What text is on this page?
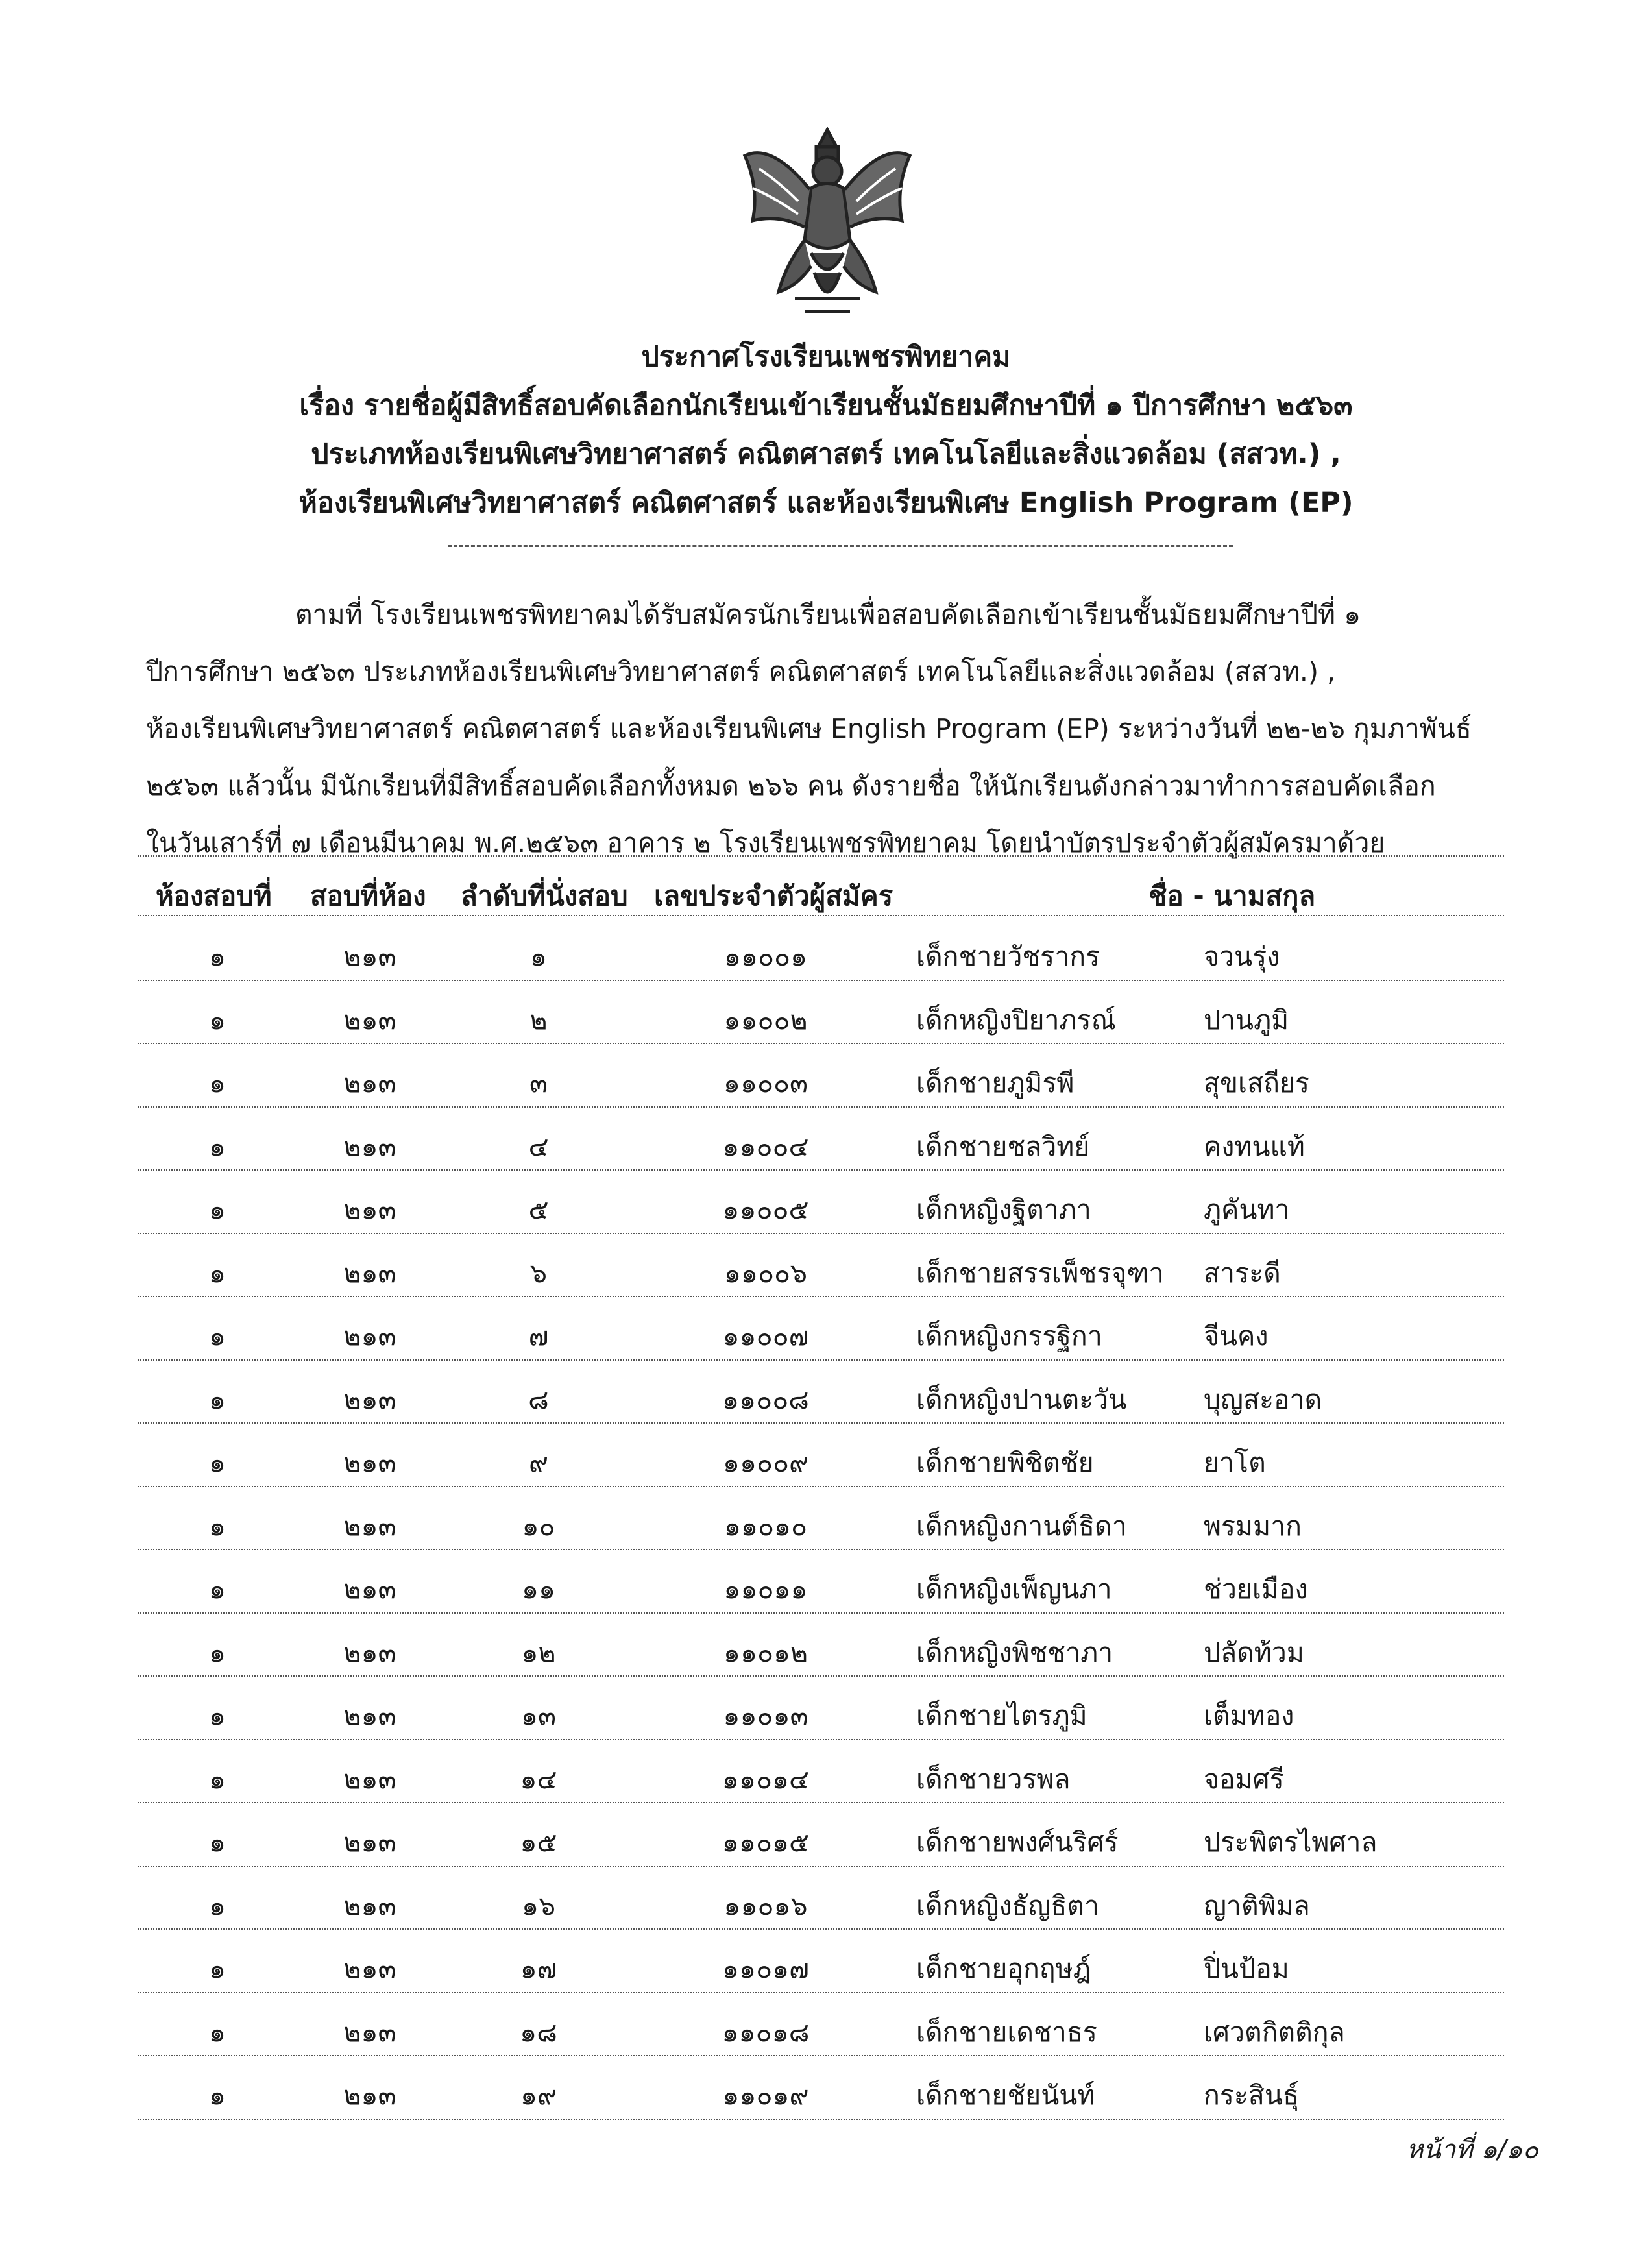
ประกาศโรงเรียนเพชรพิทยาคม
เรื่อง รายชื่อผู้มีสิทธิ์สอบคัดเลือกนักเรียนเข้าเรียนชั้นมัธยมศึกษาปีที่ ๑ ปีการศึกษา ๒๕๖๓
ประเภทห้องเรียนพิเศษวิทยาศาสตร์ คณิตศาสตร์ เทคโนโลยีและสิ่งแวดล้อม (สสวท.) ,
ห้องเรียนพิเศษวิทยาศาสตร์ คณิตศาสตร์ และห้องเรียนพิเศษ English Program (EP)
ตามที่ โรงเรียนเพชรพิทยาคมได้รับสมัครนักเรียนเพื่อสอบคัดเลือกเข้าเรียนชั้นมัธยมศึกษาปีที่ ๑
ปีการศึกษา ๒๕๖๓ ประเภทห้องเรียนพิเศษวิทยาศาสตร์ คณิตศาสตร์ เทคโนโลยีและสิ่งแวดล้อม (สสวท.) ,
ห้องเรียนพิเศษวิทยาศาสตร์ คณิตศาสตร์ และห้องเรียนพิเศษ English Program (EP) ระหว่างวันที่ ๒๒-๒๖ กุมภาพันธ์
๒๕๖๓ แล้วนั้น มีนักเรียนที่มีสิทธิ์สอบคัดเลือกทั้งหมด ๒๖๖ คน ดังรายชื่อ ให้นักเรียนดังกล่าวมาทำการสอบคัดเลือก
ในวันเสาร์ที่ ๗ เดือนมีนาคม พ.ศ.๒๕๖๓ อาคาร ๒ โรงเรียนเพชรพิทยาคม โดยนำบัตรประจำตัวผู้สมัครมาด้วย
ห้องสอบที่ สอบที่ห้อง ลำดับที่นั่งสอบ เลขประจำตัวผู้สมัคร	ชื่อ - นามสกุล
๑	๒๑๓	๑	๑๑๐๐๑	เด็กชายวัชรากร	จวนรุ่ง
๑	๒๑๓	๒	๑๑๐๐๒	เด็กหญิงปิยาภรณ์	ปานภูมิ
๑	๒๑๓	๓	๑๑๐๐๓	เด็กชายภูมิรพี	สุขเสถียร
๑	๒๑๓	๔	๑๑๐๐๔	เด็กชายชลวิทย์	คงทนแท้
๑	๒๑๓	๕	๑๑๐๐๕	เด็กหญิงฐิตาภา	ภูคันทา
๑	๒๑๓	๖	๑๑๐๐๖	เด็กชายสรรเพ็ชรจุฑา	สาระดี
๑	๒๑๓	๗	๑๑๐๐๗	เด็กหญิงกรรฐิกา	จีนคง
๑	๒๑๓	๘	๑๑๐๐๘	เด็กหญิงปานตะวัน	บุญสะอาด
๑	๒๑๓	๙	๑๑๐๐๙	เด็กชายพิชิตชัย	ยาโต
๑	๒๑๓	๑๐	๑๑๐๑๐	เด็กหญิงกานต์ธิดา	พรมมาก
๑	๒๑๓	๑๑	๑๑๐๑๑	เด็กหญิงเพ็ญนภา	ช่วยเมือง
๑	๒๑๓	๑๒	๑๑๐๑๒	เด็กหญิงพิชชาภา	ปลัดท้วม
๑	๒๑๓	๑๓	๑๑๐๑๓	เด็กชายไตรภูมิ	เต็มทอง
๑	๒๑๓	๑๔	๑๑๐๑๔	เด็กชายวรพล	จอมศรี
๑	๒๑๓	๑๕	๑๑๐๑๕	เด็กชายพงศ์นริศร์	ประพิตรไพศาล
๑	๒๑๓	๑๖	๑๑๐๑๖	เด็กหญิงธัญธิตา	ญาติพิมล
๑	๒๑๓	๑๗	๑๑๐๑๗	เด็กชายอุกฤษฎ์	ปิ่นป้อม
๑	๒๑๓	๑๘	๑๑๐๑๘	เด็กชายเดชาธร	เศวตกิตติกุล
๑	๒๑๓	๑๙	๑๑๐๑๙	เด็กชายชัยนันท์	กระสินธุ์
หน้าที่ ๑/๑๐
